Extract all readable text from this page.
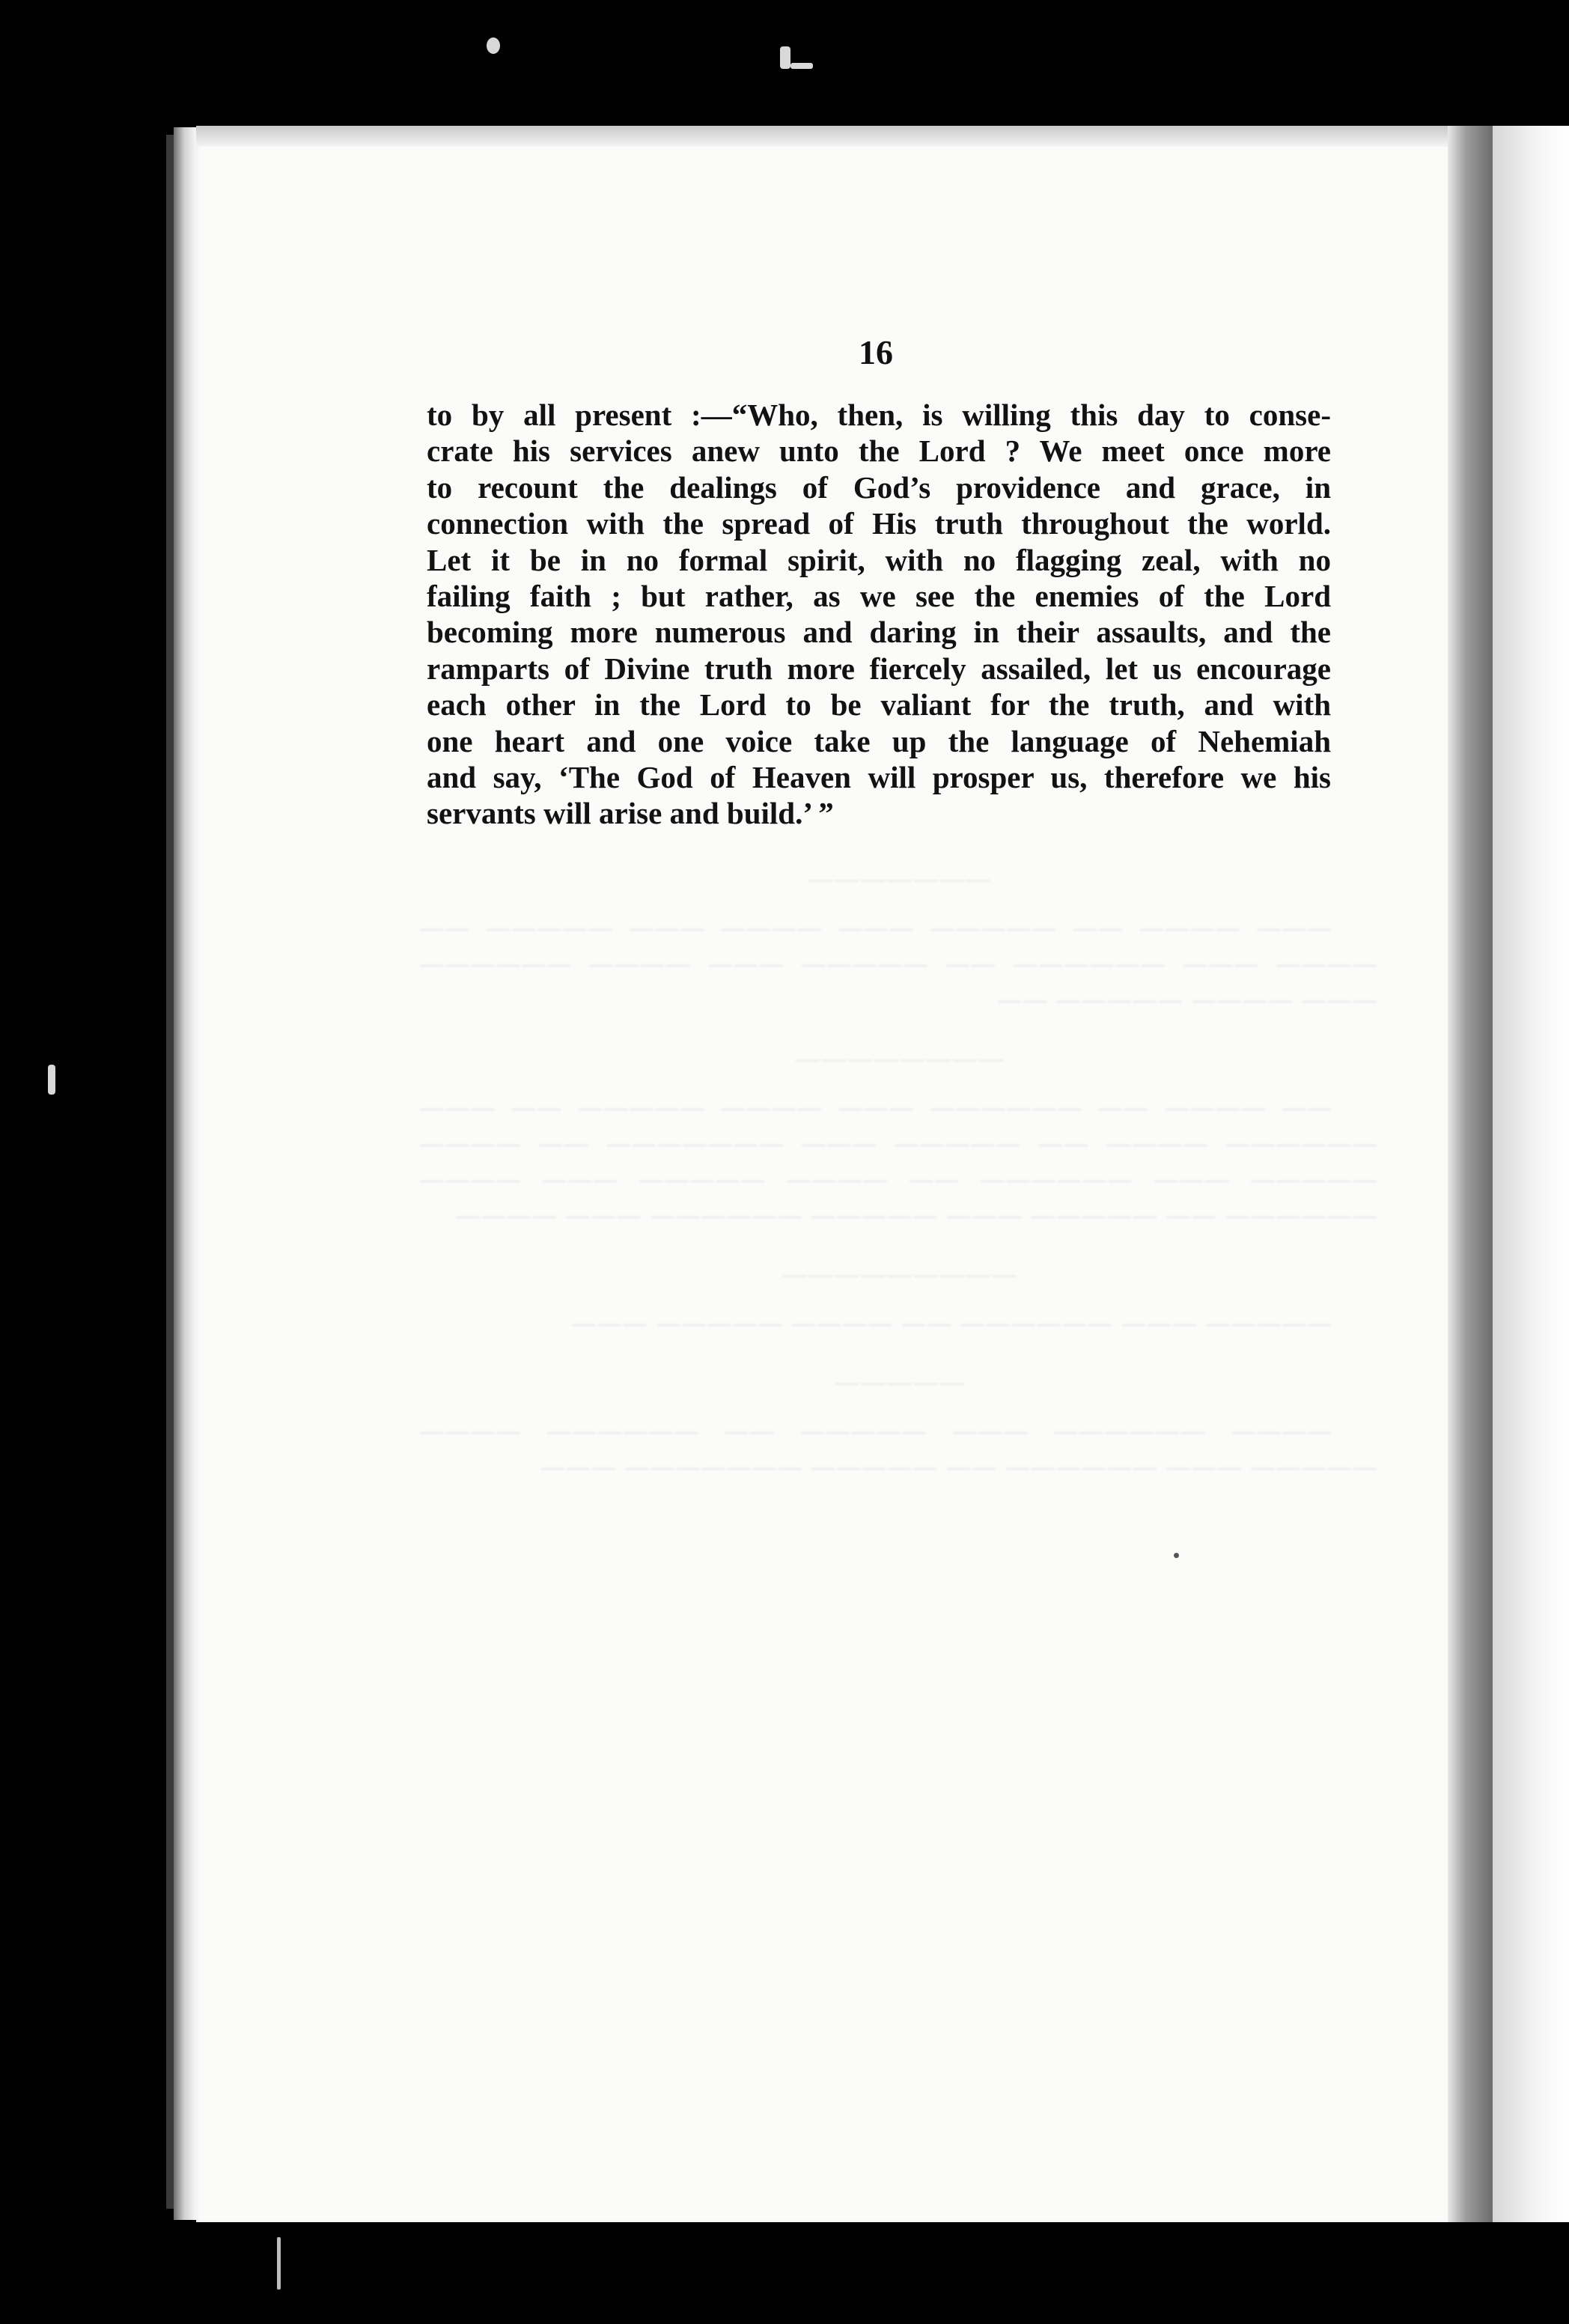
―――――――

——— ———— —— ————— ——— ———— ——— ————— —— ———— ——— —————— —— ————— ——— ———— —————— ——— ———— ————— ——

――――――――

—— ———— —— —————— ——— ———— ————— —— ——— —————— ———— —— ————— ——— ——————— —— ———— ————— ——— —————— —— ———— ————— ——— ———— —————— —— ————— ——— ————— —————— ——— ————

―――――――――

————— ——— —————— —— ———— ————— ———

―――――

———— —————— ——— ————— —— —————— ———— ————— ——— —————— —— ————— ——————— ———

16
to by all present :—“Who, then, is willing this day to conse-
crate his services anew unto the Lord ? We meet once more
to recount the dealings of God’s providence and grace, in
connection with the spread of His truth throughout the world.
Let it be in no formal spirit, with no flagging zeal, with no
failing faith ; but rather, as we see the enemies of the Lord
becoming more numerous and daring in their assaults, and the
ramparts of Divine truth more fiercely assailed, let us encourage
each other in the Lord to be valiant for the truth, and with
one heart and one voice take up the language of Nehemiah
and say, ‘The God of Heaven will prosper us, therefore we his
servants will arise and build.’ ”
